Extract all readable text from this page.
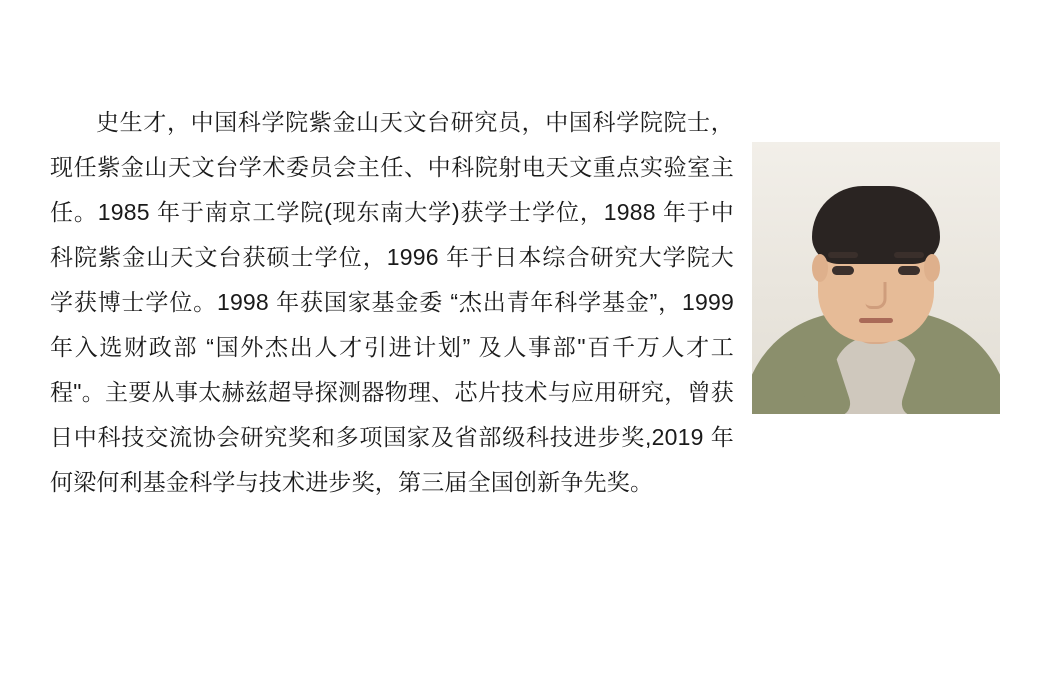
史生才，中国科学院紫金山天文台研究员，中国科学院院士，现任紫金山天文台学术委员会主任、中科院射电天文重点实验室主任。1985 年于南京工学院(现东南大学)获学士学位，1988 年于中科院紫金山天文台获硕士学位，1996 年于日本综合研究大学院大学获博士学位。1998 年获国家基金委 “杰出青年科学基金”，1999 年入选财政部 “国外杰出人才引进计划” 及人事部"百千万人才工程"。主要从事太赫兹超导探测器物理、芯片技术与应用研究，曾获日中科技交流协会研究奖和多项国家及省部级科技进步奖,2019 年何梁何利基金科学与技术进步奖，第三届全国创新争先奖。
